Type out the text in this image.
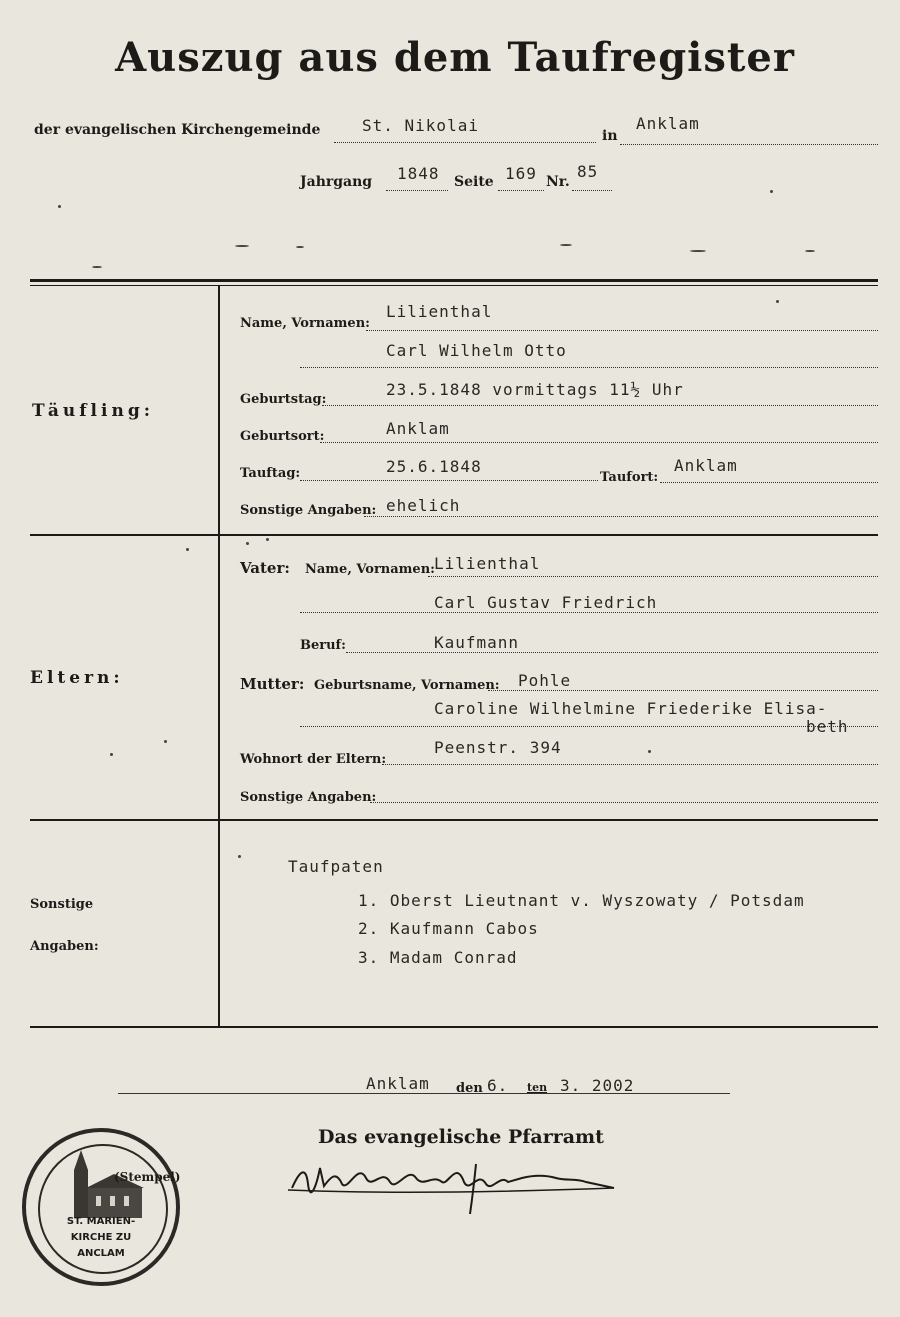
Auszug aus dem Taufregister
der evangelischen Kirchengemeinde	St. Nikolai
in
Anklam
Jahrgang 1848 Seite 169 Nr.
85
Täufling:
Name, Vornamen:
Lilienthal
Carl Wilhelm Otto
Geburtstag:
23.5.1848 vormittags 11½ Uhr
Geburtsort:	Anklam
Tauftag:	25.6.1848
Taufort:
Anklam
Sonstige Angaben: ehelich
Eltern:
Vater: Name, Vornamen: Lilienthal
Carl Gustav Friedrich
Beruf:	Kaufmann
Mutter: Geburtsname, Vornamen: Pohle
Caroline Wilhelmine Friederike Elisa-
beth
Wohnort der Eltern:
Peenstr. 394
Sonstige Angaben:
Sonstige
Angaben:
Taufpaten
1. Oberst Lieutnant v. Wyszowaty / Potsdam
2. Kaufmann Cabos
3. Madam Conrad
Anklam den 6. ten 3. 2002
Das evangelische Pfarramt
ST. MARIEN-
KIRCHE ZU
ANCLAM
(Stempel)
